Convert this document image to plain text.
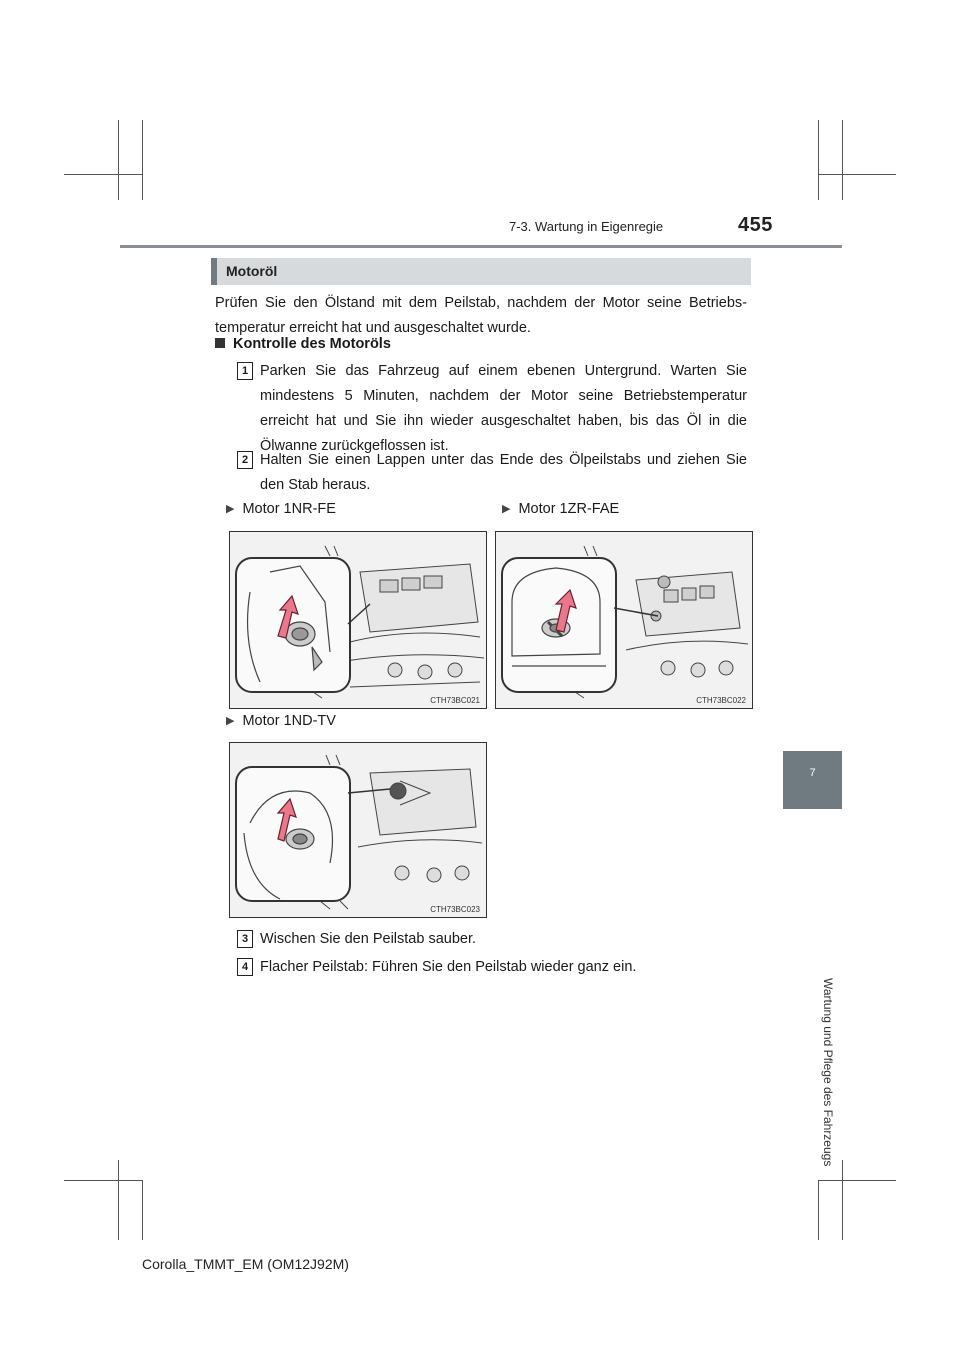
7-3. Wartung in Eigenregie	455
7
Wartung und Pflege des Fahrzeugs
Motoröl
Prüfen Sie den Ölstand mit dem Peilstab, nachdem der Motor seine Betriebs-temperatur erreicht hat und ausgeschaltet wurde.
Kontrolle des Motoröls
1 Parken Sie das Fahrzeug auf einem ebenen Untergrund. Warten Sie mindestens 5 Minuten, nachdem der Motor seine Betriebstemperatur erreicht hat und Sie ihn wieder ausgeschaltet haben, bis das Öl in die Ölwanne zurückgeflossen ist.
2 Halten Sie einen Lappen unter das Ende des Ölpeilstabs und ziehen Sie den Stab heraus.
▶ Motor 1NR-FE	▶ Motor 1ZR-FAE
CTH73BC021	CTH73BC022
▶ Motor 1ND-TV
CTH73BC023
3 Wischen Sie den Peilstab sauber.
4 Flacher Peilstab: Führen Sie den Peilstab wieder ganz ein.
Corolla_TMMT_EM (OM12J92M)
